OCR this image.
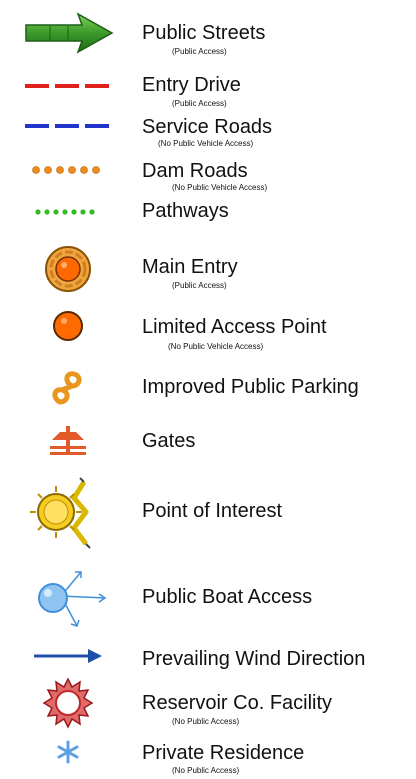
Public Streets
(Public Access)
Entry Drive
(Public Access)
Service Roads
(No Public Vehicle Access)
Dam Roads
(No Public Vehicle Access)
Pathways
Main Entry
(Public Access)
Limited Access Point
(No Public Vehicle Access)
Improved Public Parking
Gates
Point of Interest
Public Boat Access
Prevailing Wind Direction
Reservoir Co. Facility
(No Public Access)
Private Residence
(No Public Access)
